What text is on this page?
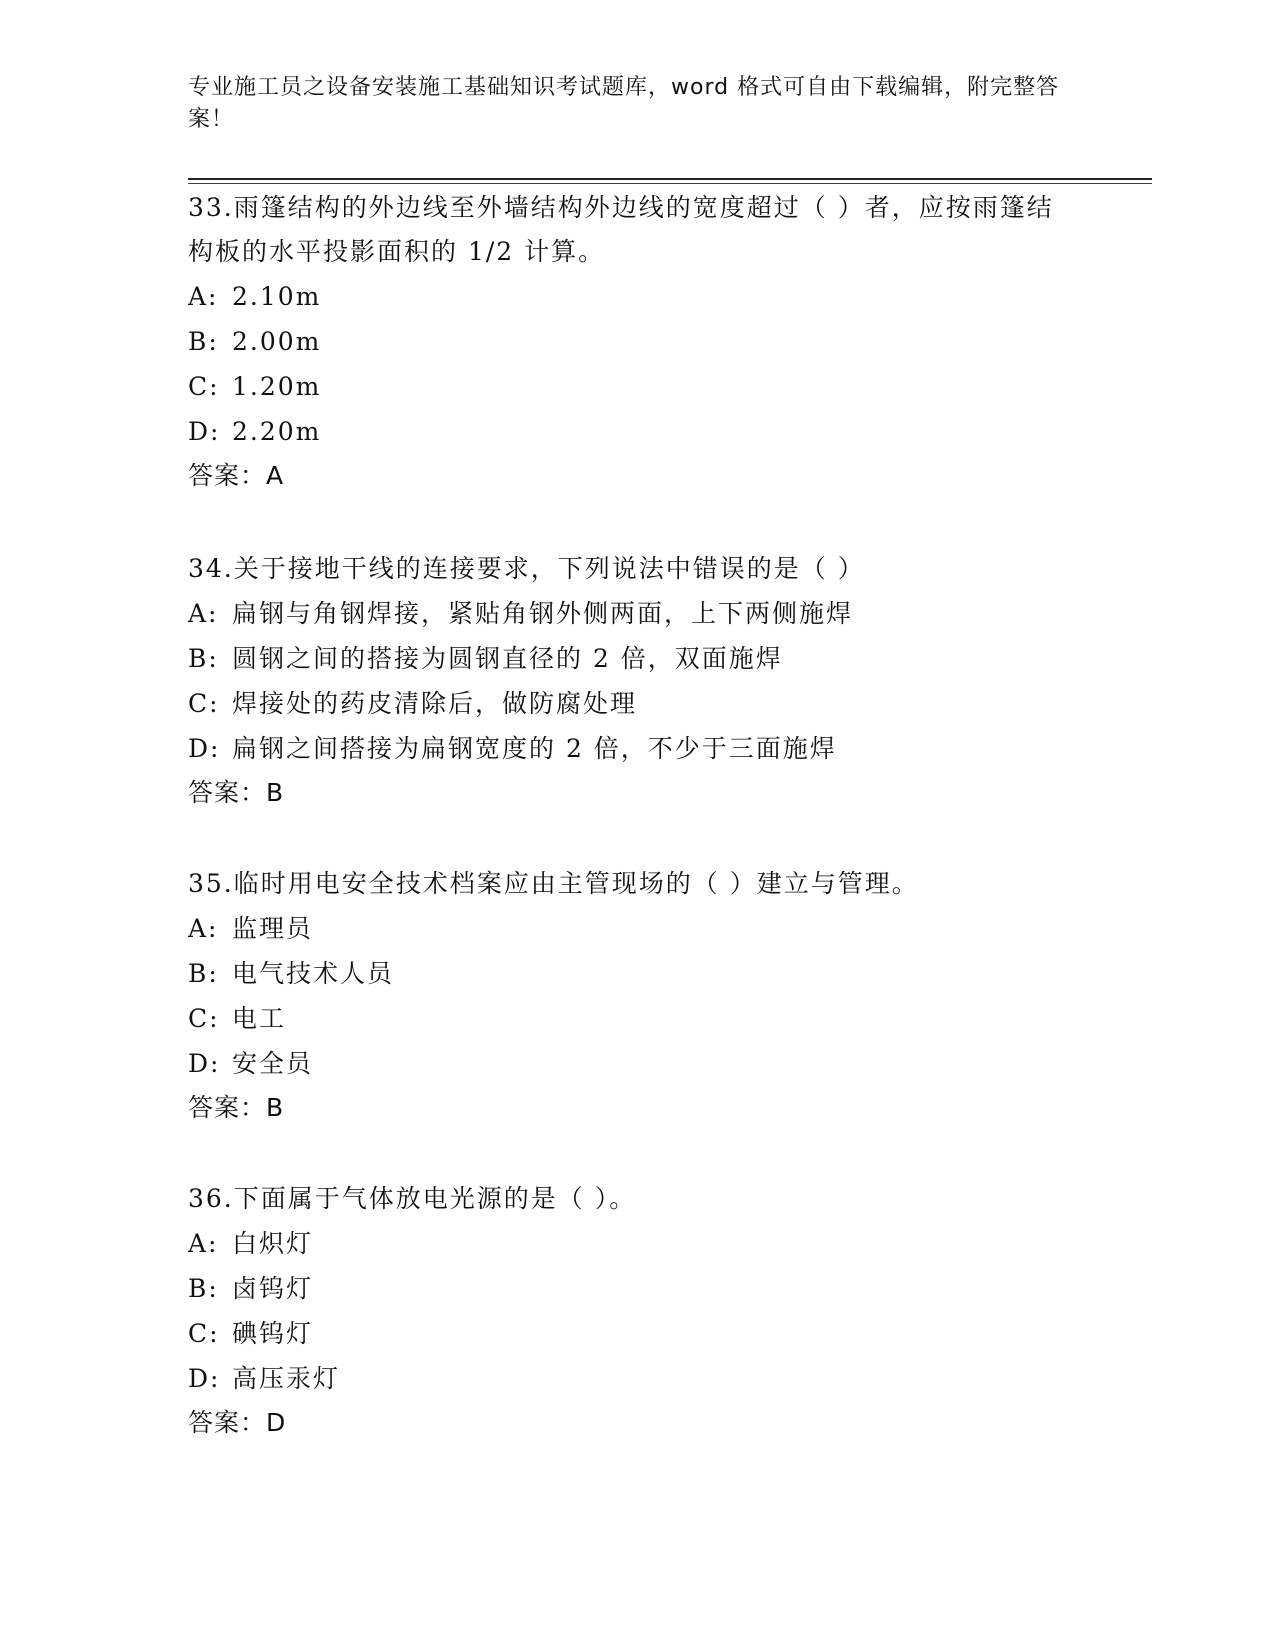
专业施工员之设备安装施工基础知识考试题库，word 格式可自由下载编辑，附完整答案！

33.雨篷结构的外边线至外墙结构外边线的宽度超过（ ）者，应按雨篷结构板的水平投影面积的 1/2 计算。

A: 2.10m
B: 2.00m
C: 1.20m
D: 2.20m
答案：A

34.关于接地干线的连接要求，下列说法中错误的是（ ）

A: 扁钢与角钢焊接，紧贴角钢外侧两面，上下两侧施焊
B: 圆钢之间的搭接为圆钢直径的 2 倍，双面施焊
C: 焊接处的药皮清除后，做防腐处理
D: 扁钢之间搭接为扁钢宽度的 2 倍，不少于三面施焊
答案：B

35.临时用电安全技术档案应由主管现场的（ ）建立与管理。

A: 监理员
B: 电气技术人员
C: 电工
D: 安全员
答案：B

36.下面属于气体放电光源的是（ ）。

A: 白炽灯
B: 卤钨灯
C: 碘钨灯
D: 高压汞灯
答案：D
